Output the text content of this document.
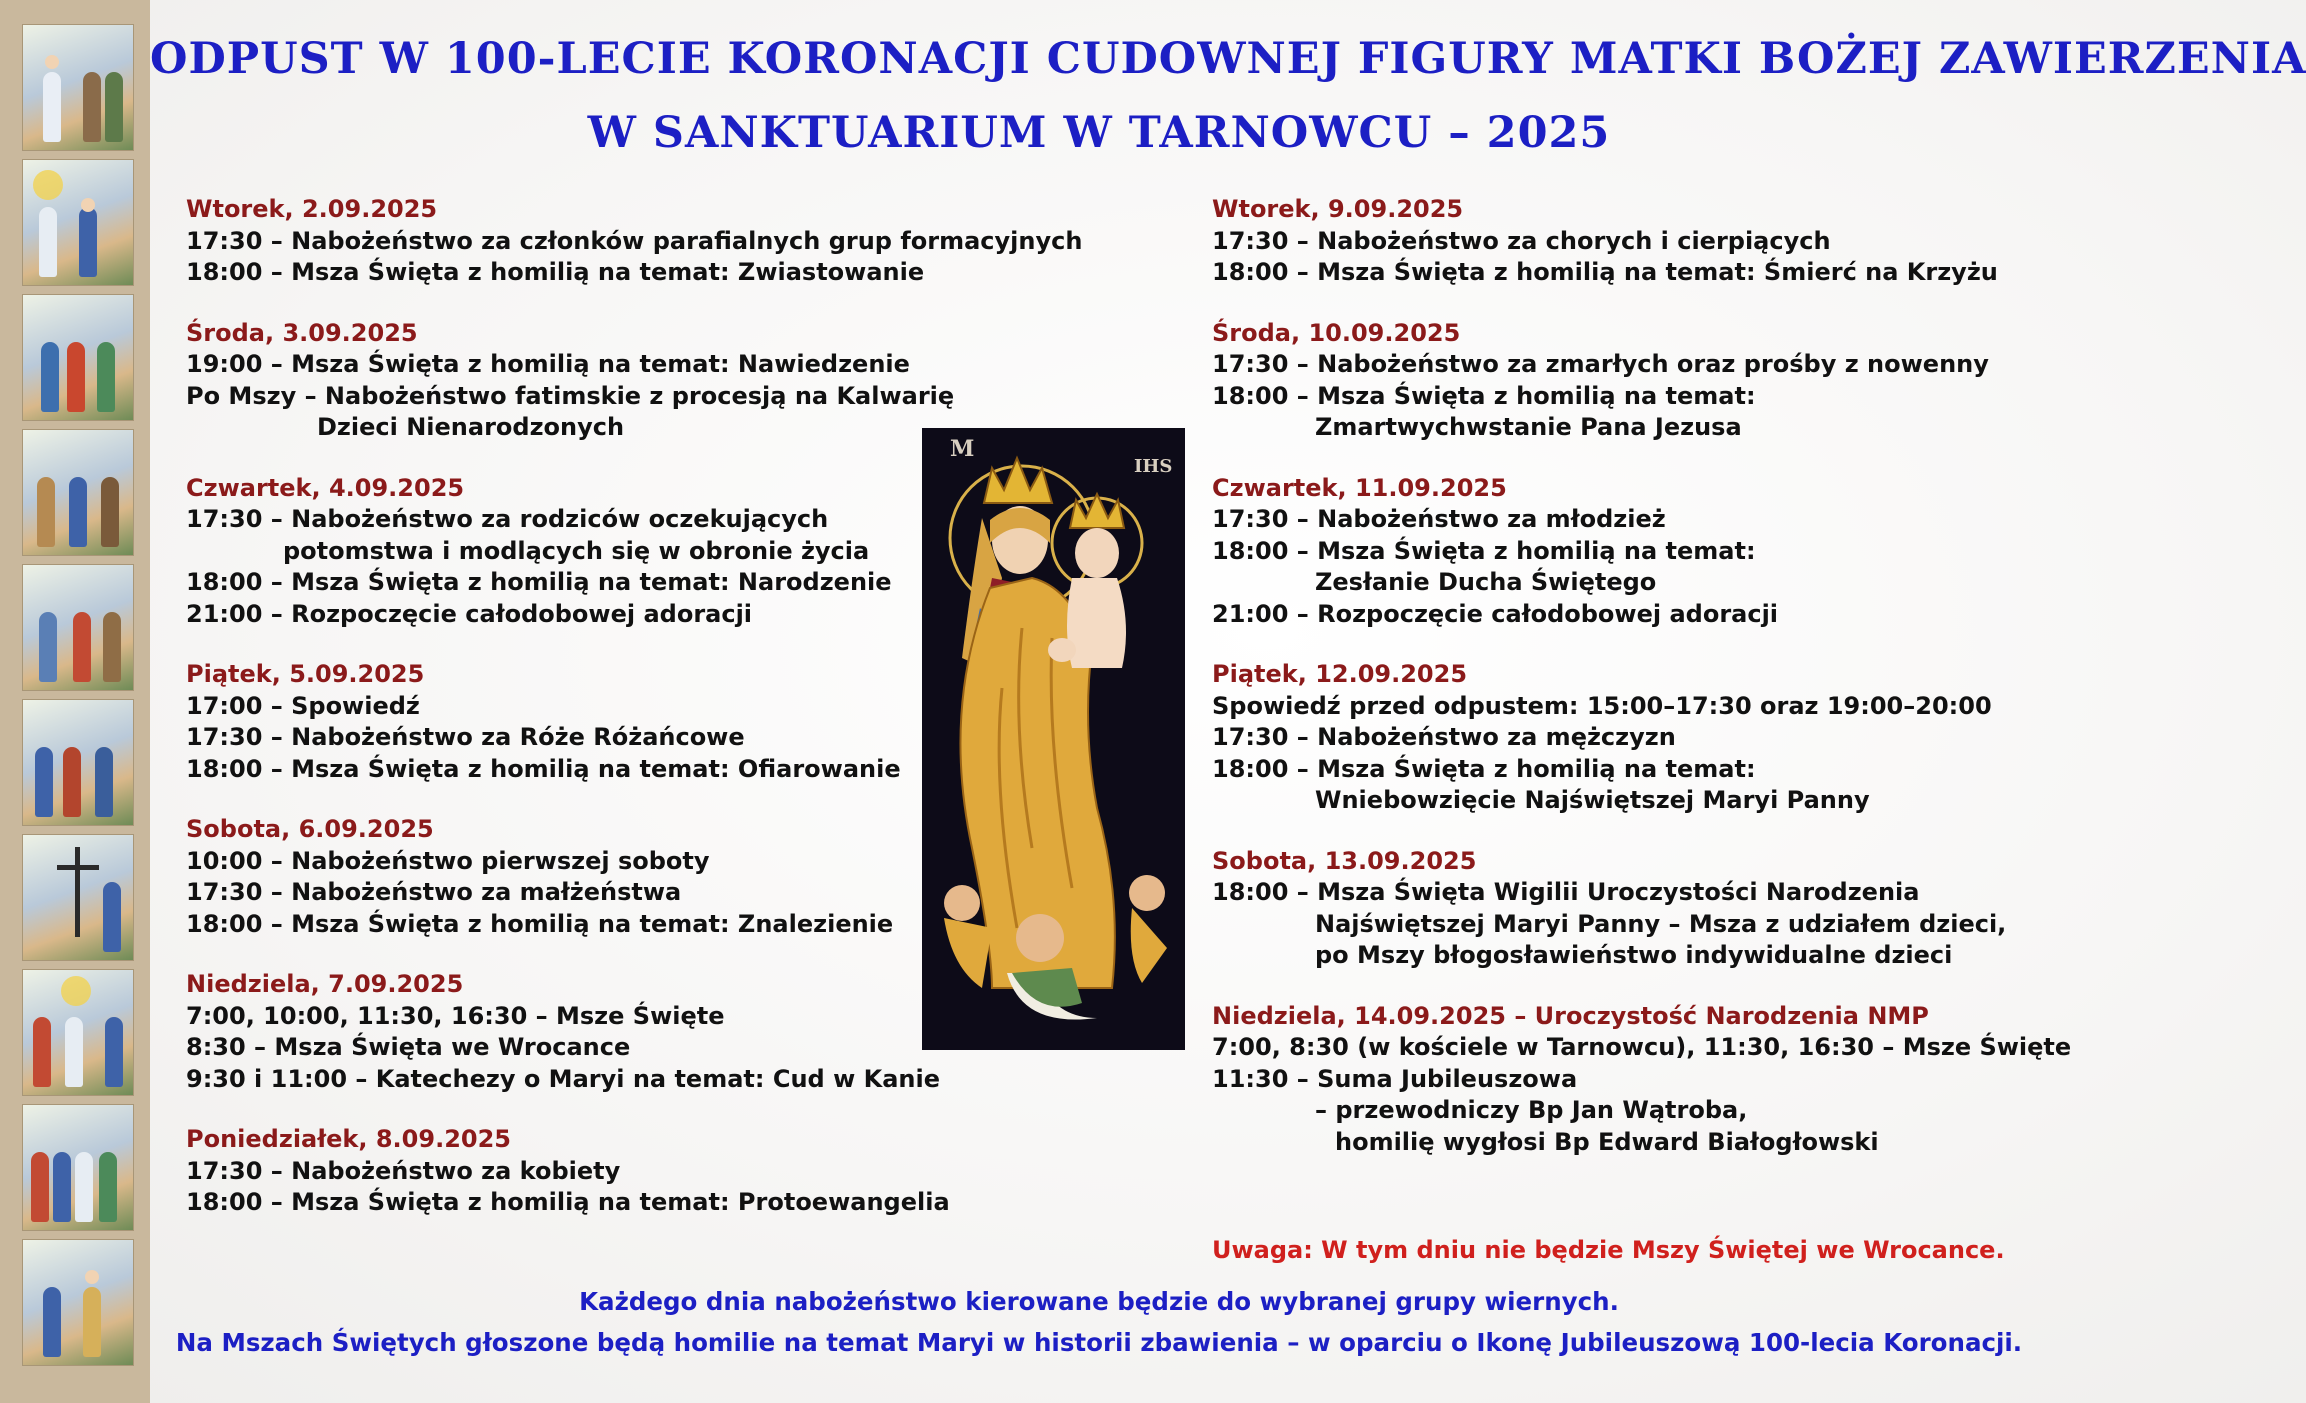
ODPUST W 100-LECIE KORONACJI CUDOWNEJ FIGURY MATKI BOŻEJ ZAWIERZENIA
W SANKTUARIUM W TARNOWCU – 2025
Wtorek, 2.09.2025
17:30 – Nabożeństwo za członków parafialnych grup formacyjnych
18:00 – Msza Święta z homilią na temat: Zwiastowanie
Środa, 3.09.2025
19:00 – Msza Święta z homilią na temat: Nawiedzenie
Po Mszy – Nabożeństwo fatimskie z procesją na Kalwarię
Dzieci Nienarodzonych
Czwartek, 4.09.2025
17:30 – Nabożeństwo za rodziców oczekujących
potomstwa i modlących się w obronie życia
18:00 – Msza Święta z homilią na temat: Narodzenie
21:00 – Rozpoczęcie całodobowej adoracji
Piątek, 5.09.2025
17:00 – Spowiedź
17:30 – Nabożeństwo za Róże Różańcowe
18:00 – Msza Święta z homilią na temat: Ofiarowanie
Sobota, 6.09.2025
10:00 – Nabożeństwo pierwszej soboty
17:30 – Nabożeństwo za małżeństwa
18:00 – Msza Święta z homilią na temat: Znalezienie
Niedziela, 7.09.2025
7:00, 10:00, 11:30, 16:30 – Msze Święte
8:30 – Msza Święta we Wrocance
9:30 i 11:00 – Katechezy o Maryi na temat: Cud w Kanie
Poniedziałek, 8.09.2025
17:30 – Nabożeństwo za kobiety
18:00 – Msza Święta z homilią na temat: Protoewangelia
M
IHS
Wtorek, 9.09.2025
17:30 – Nabożeństwo za chorych i cierpiących
18:00 – Msza Święta z homilią na temat: Śmierć na Krzyżu
Środa, 10.09.2025
17:30 – Nabożeństwo za zmarłych oraz prośby z nowenny
18:00 – Msza Święta z homilią na temat:
Zmartwychwstanie Pana Jezusa
Czwartek, 11.09.2025
17:30 – Nabożeństwo za młodzież
18:00 – Msza Święta z homilią na temat:
Zesłanie Ducha Świętego
21:00 – Rozpoczęcie całodobowej adoracji
Piątek, 12.09.2025
Spowiedź przed odpustem: 15:00–17:30 oraz 19:00–20:00
17:30 – Nabożeństwo za mężczyzn
18:00 – Msza Święta z homilią na temat:
Wniebowzięcie Najświętszej Maryi Panny
Sobota, 13.09.2025
18:00 – Msza Święta Wigilii Uroczystości Narodzenia
Najświętszej Maryi Panny – Msza z udziałem dzieci,
po Mszy błogosławieństwo indywidualne dzieci
Niedziela, 14.09.2025 – Uroczystość Narodzenia NMP
7:00, 8:30 (w kościele w Tarnowcu), 11:30, 16:30 – Msze Święte
11:30 – Suma Jubileuszowa
– przewodniczy Bp Jan Wątroba,
homilię wygłosi Bp Edward Białogłowski
Uwaga: W tym dniu nie będzie Mszy Świętej we Wrocance.
Każdego dnia nabożeństwo kierowane będzie do wybranej grupy wiernych.
Na Mszach Świętych głoszone będą homilie na temat Maryi w historii zbawienia – w oparciu o Ikonę Jubileuszową 100-lecia Koronacji.
